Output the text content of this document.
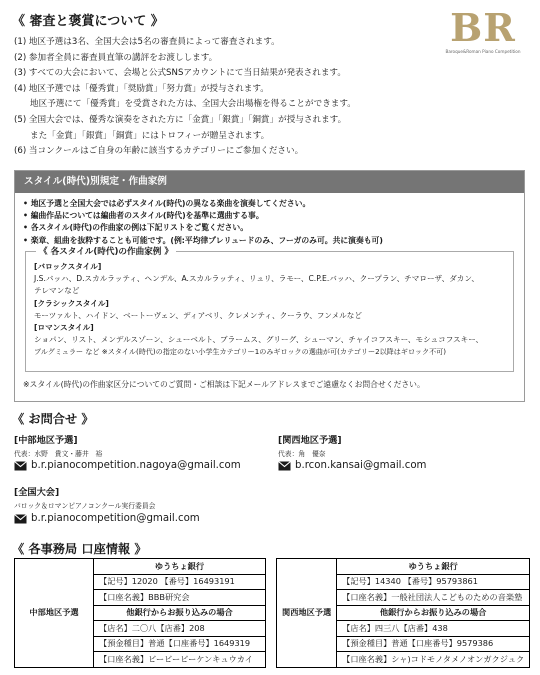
《 審査と褒賞について 》	BR
Baroque&Roman Piano Competition
(1) 地区予選は3名、全国大会は5名の審査員によって審査されます。
(2) 参加者全員に審査員直筆の講評をお渡しします。
(3) すべての大会において、会場と公式SNSアカウントにて当日結果が発表されます。
(4) 地区予選では「優秀賞」「奨励賞」「努力賞」が授与されます。
地区予選にて「優秀賞」を受賞された方は、全国大会出場権を得ることができます。
(5) 全国大会では、優秀な演奏をされた方に「金賞」「銀賞」「銅賞」が授与されます。
また「金賞」「銀賞」「銅賞」にはトロフィーが贈呈されます。
(6) 当コンクールはご自身の年齢に該当するカテゴリーにご参加ください。
スタイル(時代)別規定・作曲家例
• 地区予選と全国大会では必ずスタイル(時代)の異なる楽曲を演奏してください。
• 編曲作品については編曲者のスタイル(時代)を基準に選曲する事。
• 各スタイル(時代)の作曲家の例は下記リストをご覧ください。
• 楽章、組曲を抜粋することも可能です。(例:平均律プレリュードのみ、フーガのみ可。共に演奏も可)
《 各スタイル(時代)の作曲家例 》
[バロックスタイル]
J.S.バッハ、D.スカルラッティ、ヘンデル、A.スカルラッティ、リュリ、ラモー、C.P.E.バッハ、クープラン、チマローザ、ダカン、
テレマンなど
[クラシックスタイル]
モーツァルト、ハイドン、ベートーヴェン、ディアベリ、クレメンティ、クーラウ、フンメルなど
[ロマンスタイル]
ショパン、リスト、メンデルスゾーン、シューベルト、ブラームス、グリーグ、シューマン、チャイコフスキー、モシュコフスキー、
ブルグミュラー など ※スタイル(時代)の指定のない小学生カテゴリー1のみギロックの選曲が可(カテゴリー2以降はギロック不可)
※スタイル(時代)の作曲家区分についてのご質問・ご相談は下記メールアドレスまでご遠慮なくお問合せください。
《 お問合せ 》
[中部地区予選]
代表：水野　貴文・藤井　裕
b.r.pianocompetition.nagoya@gmail.com
[関西地区予選]
代表：角　優奈
b.rcon.kansai@gmail.com
[全国大会]
バロック＆ロマンピアノコンクール実行委員会
b.r.pianocompetition@gmail.com
《 各事務局 口座情報 》
中部地区予選	ゆうちょ銀行
【記号】12020 【番号】16493191
【口座名義】BBB研究会
他銀行からお振り込みの場合
【店名】二〇八【店番】208
【預金種目】普通【口座番号】1649319
【口座名義】ビービービーケンキュウカイ
関西地区予選	ゆうちょ銀行
【記号】14340 【番号】95793861
【口座名義】一般社団法人こどものための音楽塾
他銀行からお振り込みの場合
【店名】四三八【店番】438
【預金種目】普通【口座番号】9579386
【口座名義】シャ)コドモノタメノオンガクジュク
